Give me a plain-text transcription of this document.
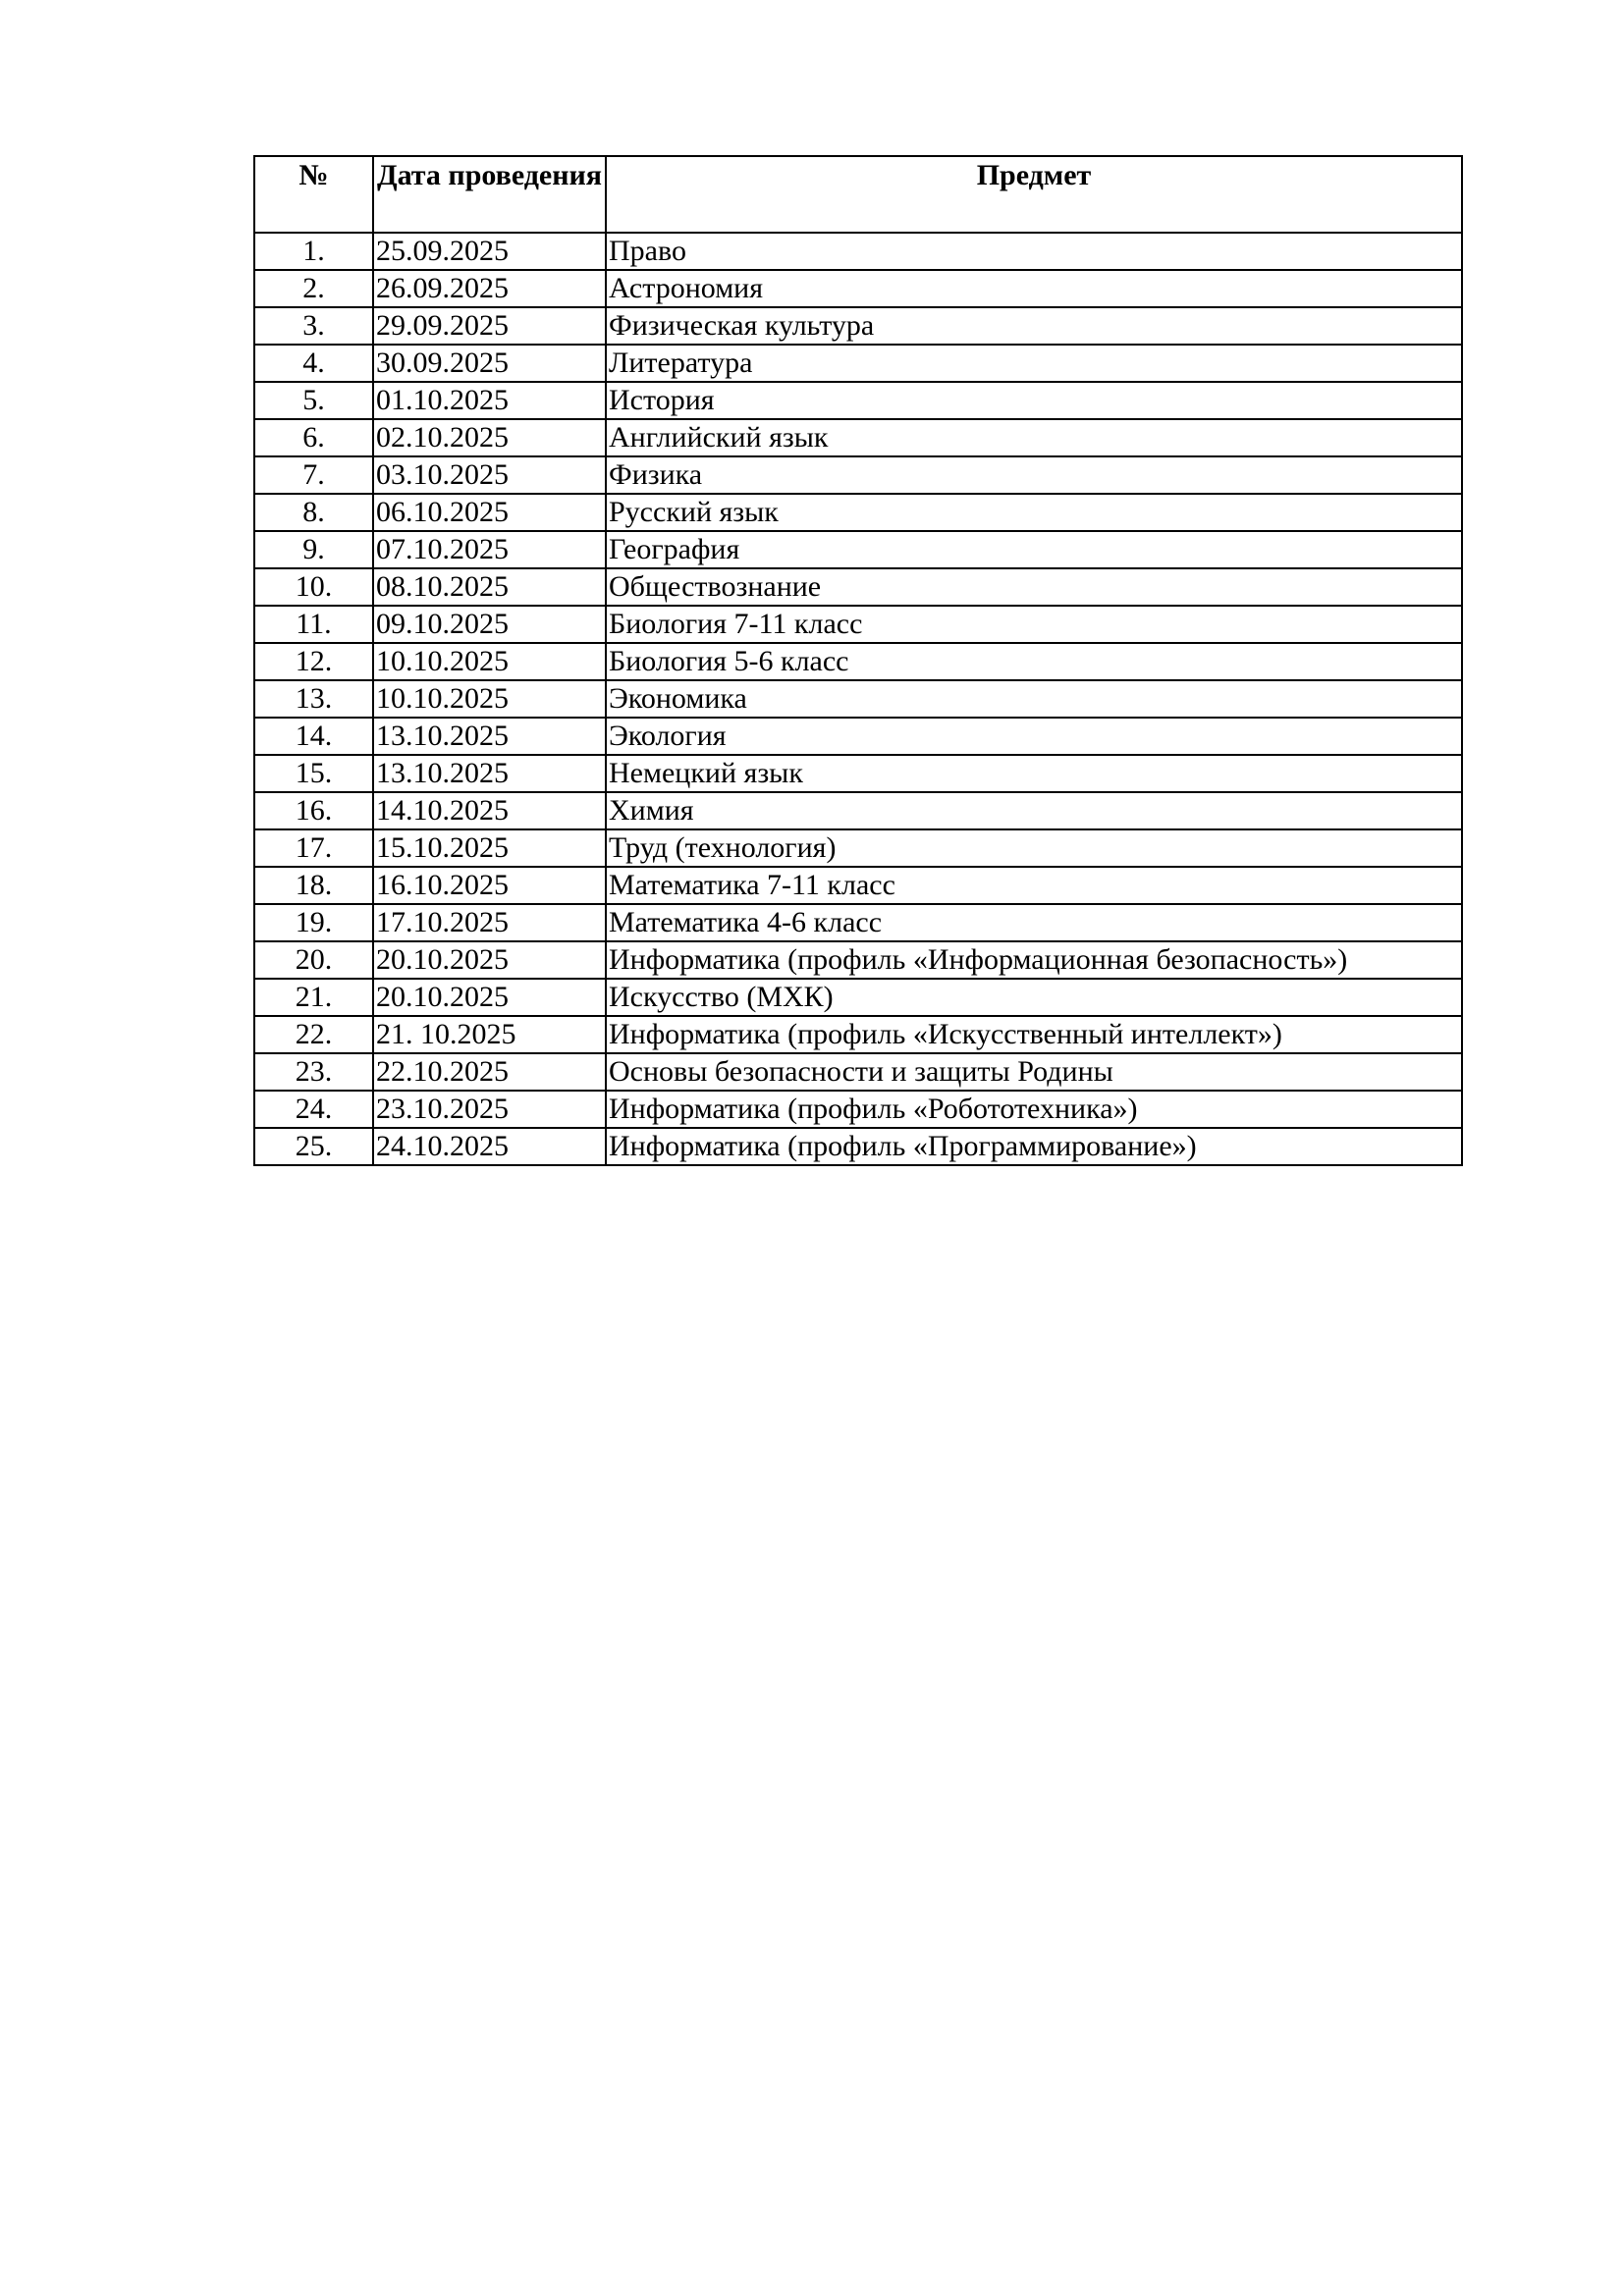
№	Дата проведения	Предмет
1.	25.09.2025	Право
2.	26.09.2025	Астрономия
3.	29.09.2025	Физическая культура
4.	30.09.2025	Литература
5.	01.10.2025	История
6.	02.10.2025	Английский язык
7.	03.10.2025	Физика
8.	06.10.2025	Русский язык
9.	07.10.2025	География
10.	08.10.2025	Обществознание
11.	09.10.2025	Биология 7-11 класс
12.	10.10.2025	Биология 5-6 класс
13.	10.10.2025	Экономика
14.	13.10.2025	Экология
15.	13.10.2025	Немецкий язык
16.	14.10.2025	Химия
17.	15.10.2025	Труд (технология)
18.	16.10.2025	Математика 7-11 класс
19.	17.10.2025	Математика 4-6 класс
20.	20.10.2025	Информатика (профиль «Информационная безопасность»)
21.	20.10.2025	Искусство (МХК)
22.	21. 10.2025	Информатика (профиль «Искусственный интеллект»)
23.	22.10.2025	Основы безопасности и защиты Родины
24.	23.10.2025	Информатика (профиль «Робототехника»)
25.	24.10.2025	Информатика (профиль «Программирование»)
